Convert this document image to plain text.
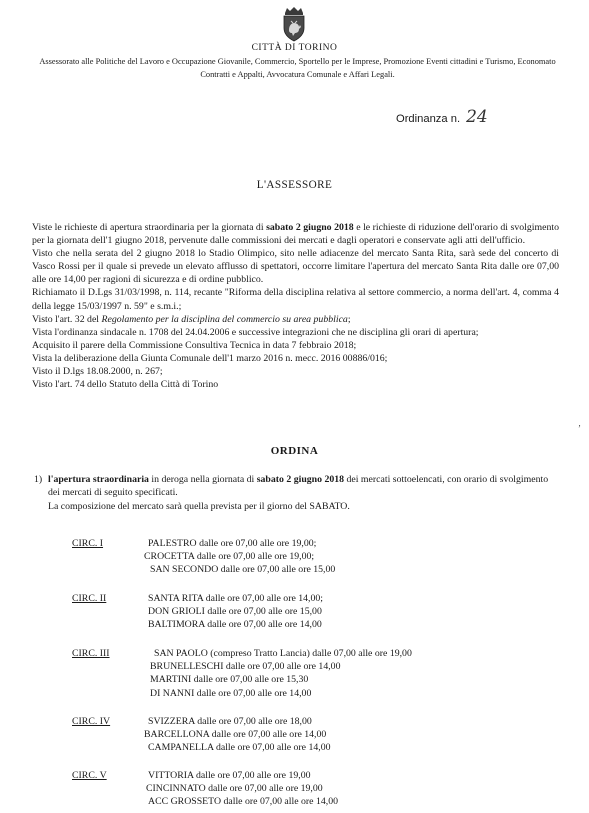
CITTÀ DI TORINO
Assessorato alle Politiche del Lavoro e Occupazione Giovanile, Commercio, Sportello per le Imprese, Promozione Eventi cittadini e Turismo, Economato Contratti e Appalti, Avvocatura Comunale e Affari Legali.
Ordinanza n. 24
L'ASSESSORE

Viste le richieste di apertura straordinaria per la giornata di sabato 2 giugno 2018 e le richieste di riduzione dell'orario di svolgimento per la giornata dell'1 giugno 2018, pervenute dalle commissioni dei mercati e dagli operatori e conservate agli atti dell'ufficio.

Visto che nella serata del 2 giugno 2018 lo Stadio Olimpico, sito nelle adiacenze del mercato Santa Rita, sarà sede del concerto di Vasco Rossi per il quale si prevede un elevato afflusso di spettatori, occorre limitare l'apertura del mercato Santa Rita dalle ore 07,00 alle ore 14,00 per ragioni di sicurezza e di ordine pubblico.

Richiamato il D.Lgs 31/03/1998, n. 114, recante "Riforma della disciplina relativa al settore commercio, a norma dell'art. 4, comma 4 della legge 15/03/1997 n. 59" e s.m.i.;

Visto l'art. 32 del Regolamento per la disciplina del commercio su area pubblica;

Vista l'ordinanza sindacale n. 1708 del 24.04.2006 e successive integrazioni che ne disciplina gli orari di apertura;

Acquisito il parere della Commissione Consultiva Tecnica in data 7 febbraio 2018;

Vista la deliberazione della Giunta Comunale dell'1 marzo 2016 n. mecc. 2016 00886/016;

Visto il D.lgs 18.08.2000, n. 267;

Visto l'art. 74 dello Statuto della Città di Torino

‚
ORDINA
1) l'apertura straordinaria in deroga nella giornata di sabato 2 giugno 2018 dei mercati sottoelencati, con orario di svolgimento dei mercati di seguito specificati.
La composizione del mercato sarà quella prevista per il giorno del SABATO.
CIRC. I	PALESTRO dalle ore 07,00 alle ore 19,00;
CROCETTA dalle ore 07,00 alle ore 19,00;
SAN SECONDO dalle ore 07,00 alle ore 15,00
CIRC. II	SANTA RITA dalle ore 07,00 alle ore 14,00;
DON GRIOLI dalle ore 07,00 alle ore 15,00
BALTIMORA dalle ore 07,00 alle ore 14,00
CIRC. III	SAN PAOLO (compreso Tratto Lancia) dalle 07,00 alle ore 19,00
BRUNELLESCHI dalle ore 07,00 alle ore 14,00
MARTINI dalle ore 07,00 alle ore 15,30
DI NANNI dalle ore 07,00 alle ore 14,00
CIRC. IV	SVIZZERA dalle ore 07,00 alle ore 18,00
BARCELLONA dalle ore 07,00 alle ore 14,00
CAMPANELLA dalle ore 07,00 alle ore 14,00
CIRC. V	VITTORIA dalle ore 07,00 alle ore 19,00
CINCINNATO dalle ore 07,00 alle ore 19,00
ACC GROSSETO dalle ore 07,00 alle ore 14,00
